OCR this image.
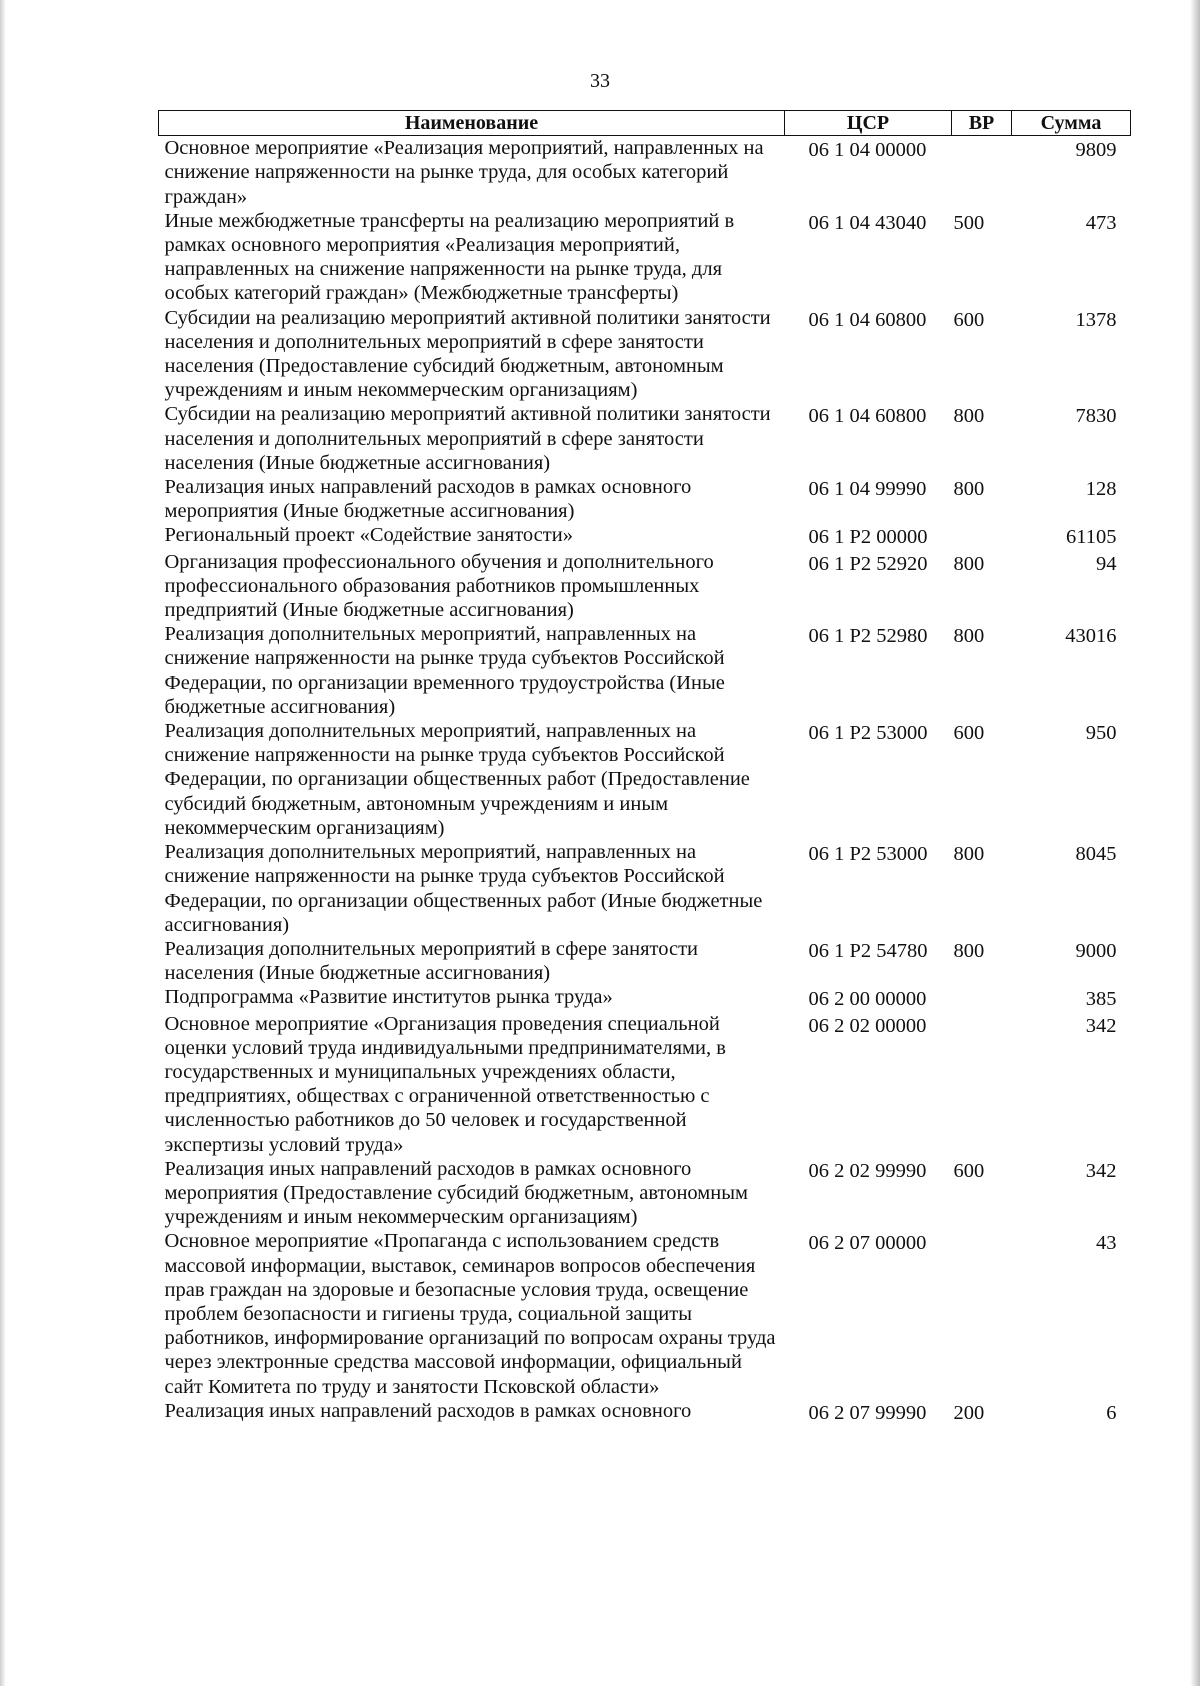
33
Наименование	ЦСР	ВР	Сумма
Основное мероприятие «Реализация мероприятий, направленных на снижение напряженности на рынке труда, для особых категорий граждан»	06 1 04 00000		9809
Иные межбюджетные трансферты на реализацию мероприятий в рамках основного мероприятия «Реализация мероприятий, направленных на снижение напряженности на рынке труда, для особых категорий граждан» (Межбюджетные трансферты)	06 1 04 43040	500	473
Субсидии на реализацию мероприятий активной политики занятости населения и дополнительных мероприятий в сфере занятости населения (Предоставление субсидий бюджетным, автономным учреждениям и иным некоммерческим организациям)	06 1 04 60800	600	1378
Субсидии на реализацию мероприятий активной политики занятости населения и дополнительных мероприятий в сфере занятости населения (Иные бюджетные ассигнования)	06 1 04 60800	800	7830
Реализация иных направлений расходов в рамках основного мероприятия (Иные бюджетные ассигнования)	06 1 04 99990	800	128
Региональный проект «Содействие занятости»	06 1 P2 00000		61105
Организация профессионального обучения и дополнительного профессионального образования работников промышленных предприятий (Иные бюджетные ассигнования)	06 1 P2 52920	800	94
Реализация дополнительных мероприятий, направленных на снижение напряженности на рынке труда субъектов Российской Федерации, по организации временного трудоустройства (Иные бюджетные ассигнования)	06 1 P2 52980	800	43016
Реализация дополнительных мероприятий, направленных на снижение напряженности на рынке труда субъектов Российской Федерации, по организации общественных работ (Предоставление субсидий бюджетным, автономным учреждениям и иным некоммерческим организациям)	06 1 P2 53000	600	950
Реализация дополнительных мероприятий, направленных на снижение напряженности на рынке труда субъектов Российской Федерации, по организации общественных работ (Иные бюджетные ассигнования)	06 1 P2 53000	800	8045
Реализация дополнительных мероприятий в сфере занятости населения (Иные бюджетные ассигнования)	06 1 P2 54780	800	9000
Подпрограмма «Развитие институтов рынка труда»	06 2 00 00000		385
Основное мероприятие «Организация проведения специальной оценки условий труда индивидуальными предпринимателями, в государственных и муниципальных учреждениях области, предприятиях, обществах с ограниченной ответственностью с численностью работников до 50 человек и государственной экспертизы условий труда»	06 2 02 00000		342
Реализация иных направлений расходов в рамках основного мероприятия (Предоставление субсидий бюджетным, автономным учреждениям и иным некоммерческим организациям)	06 2 02 99990	600	342
Основное мероприятие «Пропаганда с использованием средств массовой информации, выставок, семинаров вопросов обеспечения прав граждан на здоровые и безопасные условия труда, освещение проблем безопасности и гигиены труда, социальной защиты работников, информирование организаций по вопросам охраны труда через электронные средства массовой информации, официальный сайт Комитета по труду и занятости Псковской области»	06 2 07 00000		43
Реализация иных направлений расходов в рамках основного	06 2 07 99990	200	6
